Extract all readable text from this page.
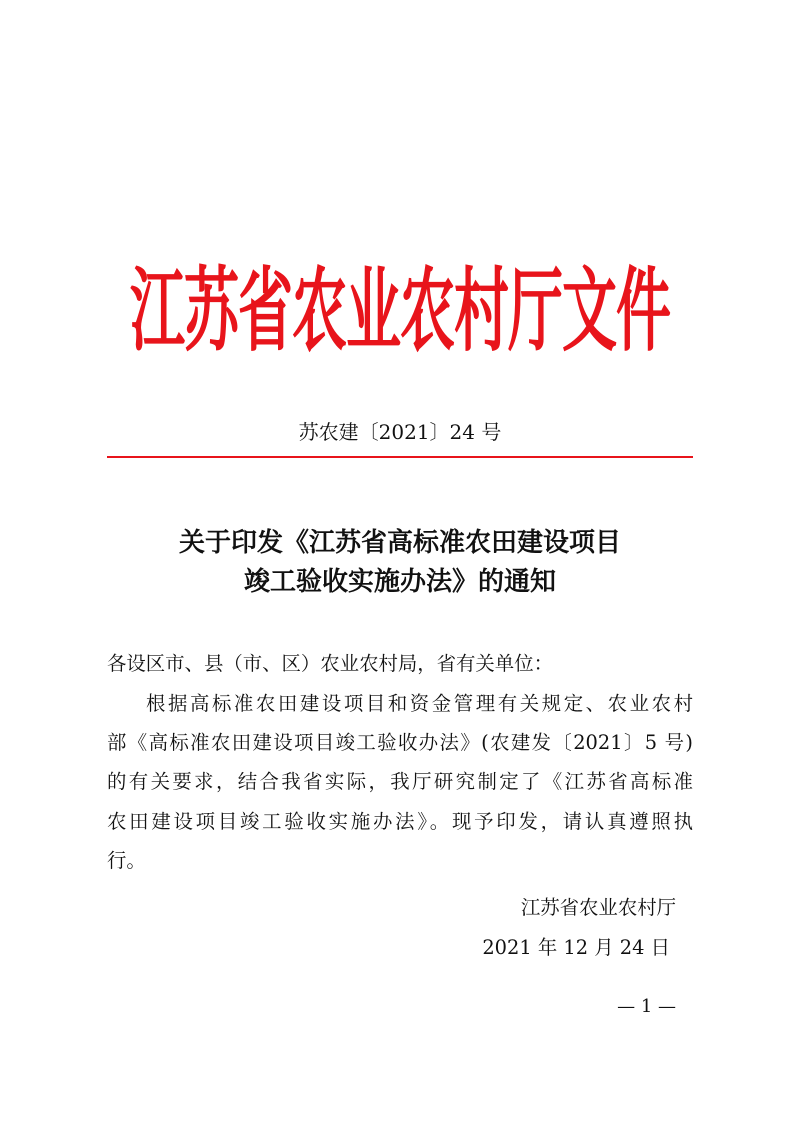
江苏省农业农村厅文件
苏农建〔2021〕24 号
关于印发《江苏省高标准农田建设项目
竣工验收实施办法》的通知
各设区市、县（市、区）农业农村局，省有关单位：
根据高标准农田建设项目和资金管理有关规定、农业农村
部《高标准农田建设项目竣工验收办法》(农建发〔2021〕5 号)
的有关要求，结合我省实际，我厅研究制定了《江苏省高标准
农田建设项目竣工验收实施办法》。现予印发，请认真遵照执
行。
江苏省农业农村厅
2021 年 12 月 24 日
— 1 —
